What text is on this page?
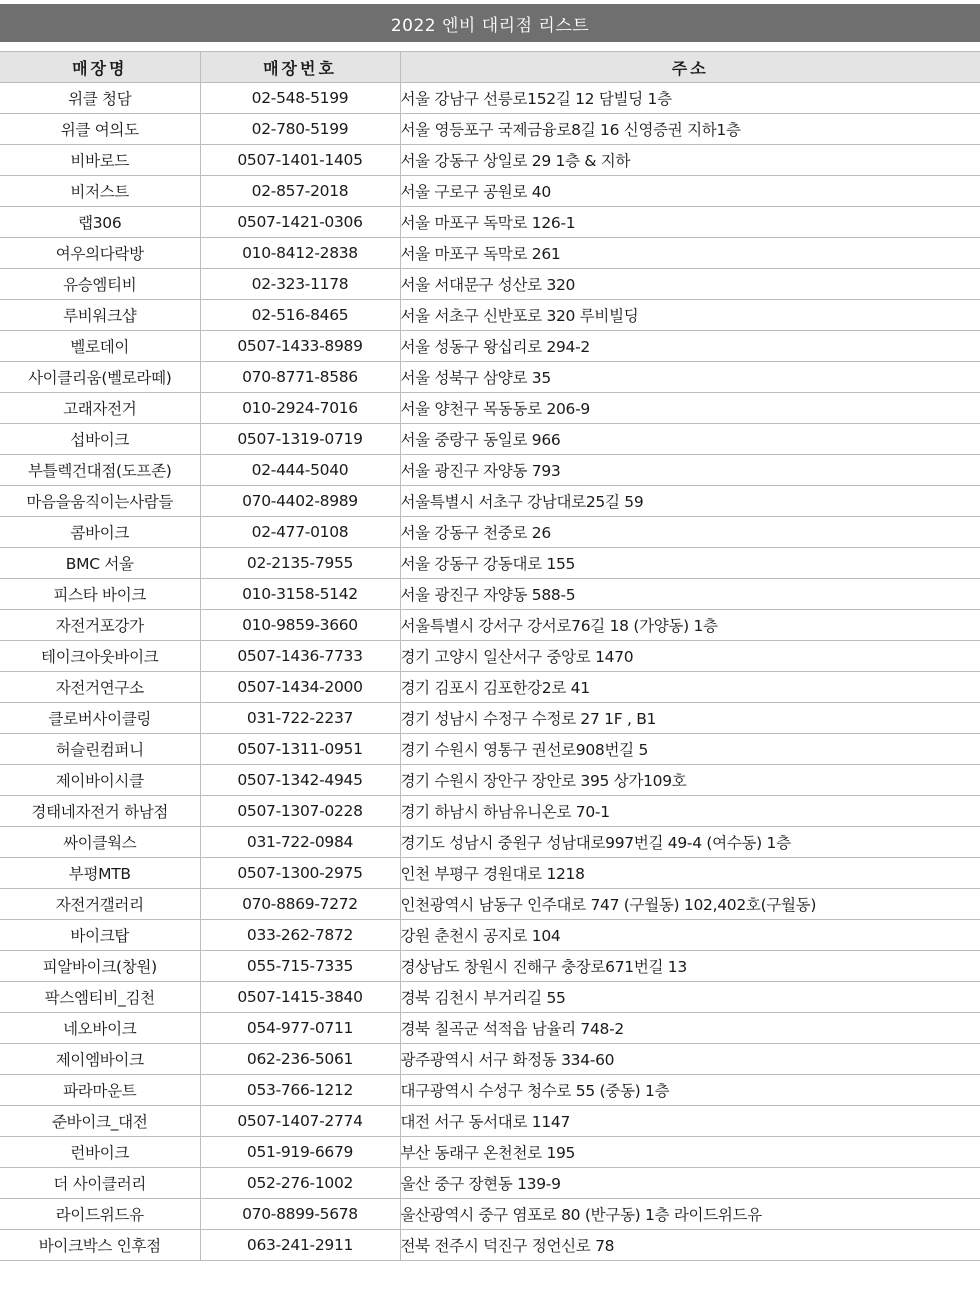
2022 엔비 대리점 리스트
매장명	매장번호	주소
위클 청담	02-548-5199	서울 강남구 선릉로152길 12 담빌딩 1층
위클 여의도	02-780-5199	서울 영등포구 국제금융로8길 16 신영증권 지하1층
비바로드	0507-1401-1405	서울 강동구 상일로 29 1층 & 지하
비저스트	02-857-2018	서울 구로구 공원로 40
랩306	0507-1421-0306	서울 마포구 독막로 126-1
여우의다락방	010-8412-2838	서울 마포구 독막로 261
유승엠티비	02-323-1178	서울 서대문구 성산로 320
루비워크샵	02-516-8465	서울 서초구 신반포로 320 루비빌딩
벨로데이	0507-1433-8989	서울 성동구 왕십리로 294-2
사이클리움(벨로라떼)	070-8771-8586	서울 성북구 삼양로 35
고래자전거	010-2924-7016	서울 양천구 목동동로 206-9
섭바이크	0507-1319-0719	서울 중랑구 동일로 966
부틀렉건대점(도프존)	02-444-5040	서울 광진구 자양동 793
마음을움직이는사람들	070-4402-8989	서울특별시 서초구 강남대로25길 59
콤바이크	02-477-0108	서울 강동구 천중로 26
BMC 서울	02-2135-7955	서울 강동구 강동대로 155
피스타 바이크	010-3158-5142	서울 광진구 자양동 588-5
자전거포강가	010-9859-3660	서울특별시 강서구 강서로76길 18 (가양동) 1층
테이크아웃바이크	0507-1436-7733	경기 고양시 일산서구 중앙로 1470
자전거연구소	0507-1434-2000	경기 김포시 김포한강2로 41
클로버사이클링	031-722-2237	경기 성남시 수정구 수정로 27 1F , B1
허슬린컴퍼니	0507-1311-0951	경기 수원시 영통구 권선로908번길 5
제이바이시클	0507-1342-4945	경기 수원시 장안구 장안로 395 상가109호
경태네자전거 하남점	0507-1307-0228	경기 하남시 하남유니온로 70-1
싸이클웍스	031-722-0984	경기도 성남시 중원구 성남대로997번길 49-4 (여수동) 1층
부평MTB	0507-1300-2975	인천 부평구 경원대로 1218
자전거갤러리	070-8869-7272	인천광역시 남동구 인주대로 747 (구월동) 102,402호(구월동)
바이크탑	033-262-7872	강원 춘천시 공지로 104
피알바이크(창원)	055-715-7335	경상남도 창원시 진해구 충장로671번길 13
팍스엠티비_김천	0507-1415-3840	경북 김천시 부거리길 55
네오바이크	054-977-0711	경북 칠곡군 석적읍 남율리 748-2
제이엠바이크	062-236-5061	광주광역시 서구 화정동 334-60
파라마운트	053-766-1212	대구광역시 수성구 청수로 55 (중동) 1층
준바이크_대전	0507-1407-2774	대전 서구 동서대로 1147
런바이크	051-919-6679	부산 동래구 온천천로 195
더 사이클러리	052-276-1002	울산 중구 장현동 139-9
라이드위드유	070-8899-5678	울산광역시 중구 염포로 80 (반구동) 1층 라이드위드유
바이크박스 인후점	063-241-2911	전북 전주시 덕진구 정언신로 78
